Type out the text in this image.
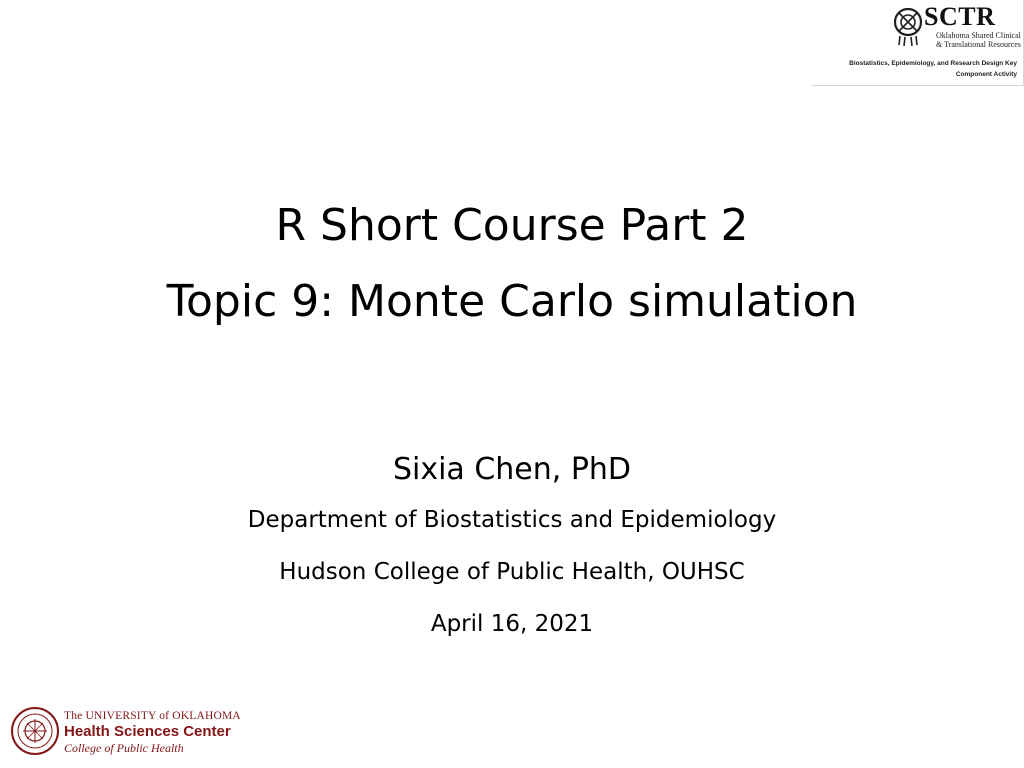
SCTR
Oklahoma Shared Clinical
& Translational Resources
Biostatistics, Epidemiology, and Research Design Key
Component Activity
R Short Course Part 2
Topic 9: Monte Carlo simulation
Sixia Chen, PhD
Department of Biostatistics and Epidemiology
Hudson College of Public Health, OUHSC
April 16, 2021
The UNIVERSITY of OKLAHOMA
Health Sciences Center
College of Public Health
